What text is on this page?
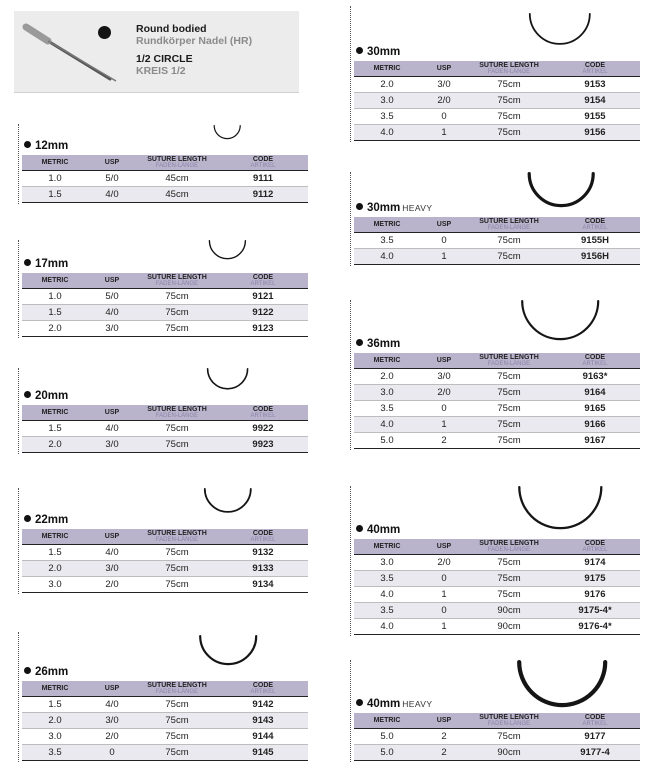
Round bodied
Rundkörper Nadel (HR)
1/2 CIRCLE
KREIS 1/2
12mm
METRIC	USP	SUTURE LENGTH
FADEN-LÄNGE	CODE
ARTIKEL

1.0	5/0	45cm	9111
1.5	4/0	45cm	9112
17mm
METRIC	USP	SUTURE LENGTH
FADEN-LÄNGE	CODE
ARTIKEL

1.0	5/0	75cm	9121
1.5	4/0	75cm	9122
2.0	3/0	75cm	9123
20mm
METRIC	USP	SUTURE LENGTH
FADEN-LÄNGE	CODE
ARTIKEL

1.5	4/0	75cm	9922
2.0	3/0	75cm	9923
22mm
METRIC	USP	SUTURE LENGTH
FADEN-LÄNGE	CODE
ARTIKEL

1.5	4/0	75cm	9132
2.0	3/0	75cm	9133
3.0	2/0	75cm	9134
26mm
METRIC	USP	SUTURE LENGTH
FADEN-LÄNGE	CODE
ARTIKEL

1.5	4/0	75cm	9142
2.0	3/0	75cm	9143
3.0	2/0	75cm	9144
3.5	0	75cm	9145
30mm
METRIC	USP	SUTURE LENGTH
FADEN-LÄNGE	CODE
ARTIKEL

2.0	3/0	75cm	9153
3.0	2/0	75cm	9154
3.5	0	75cm	9155
4.0	1	75cm	9156
30mm HEAVY
METRIC	USP	SUTURE LENGTH
FADEN-LÄNGE	CODE
ARTIKEL

3.5	0	75cm	9155H
4.0	1	75cm	9156H
36mm
METRIC	USP	SUTURE LENGTH
FADEN-LÄNGE	CODE
ARTIKEL

2.0	3/0	75cm	9163*
3.0	2/0	75cm	9164
3.5	0	75cm	9165
4.0	1	75cm	9166
5.0	2	75cm	9167
40mm
METRIC	USP	SUTURE LENGTH
FADEN-LÄNGE	CODE
ARTIKEL

3.0	2/0	75cm	9174
3.5	0	75cm	9175
4.0	1	75cm	9176
3.5	0	90cm	9175-4*
4.0	1	90cm	9176-4*
40mm HEAVY
METRIC	USP	SUTURE LENGTH
FADEN-LÄNGE	CODE
ARTIKEL

5.0	2	75cm	9177
5.0	2	90cm	9177-4
